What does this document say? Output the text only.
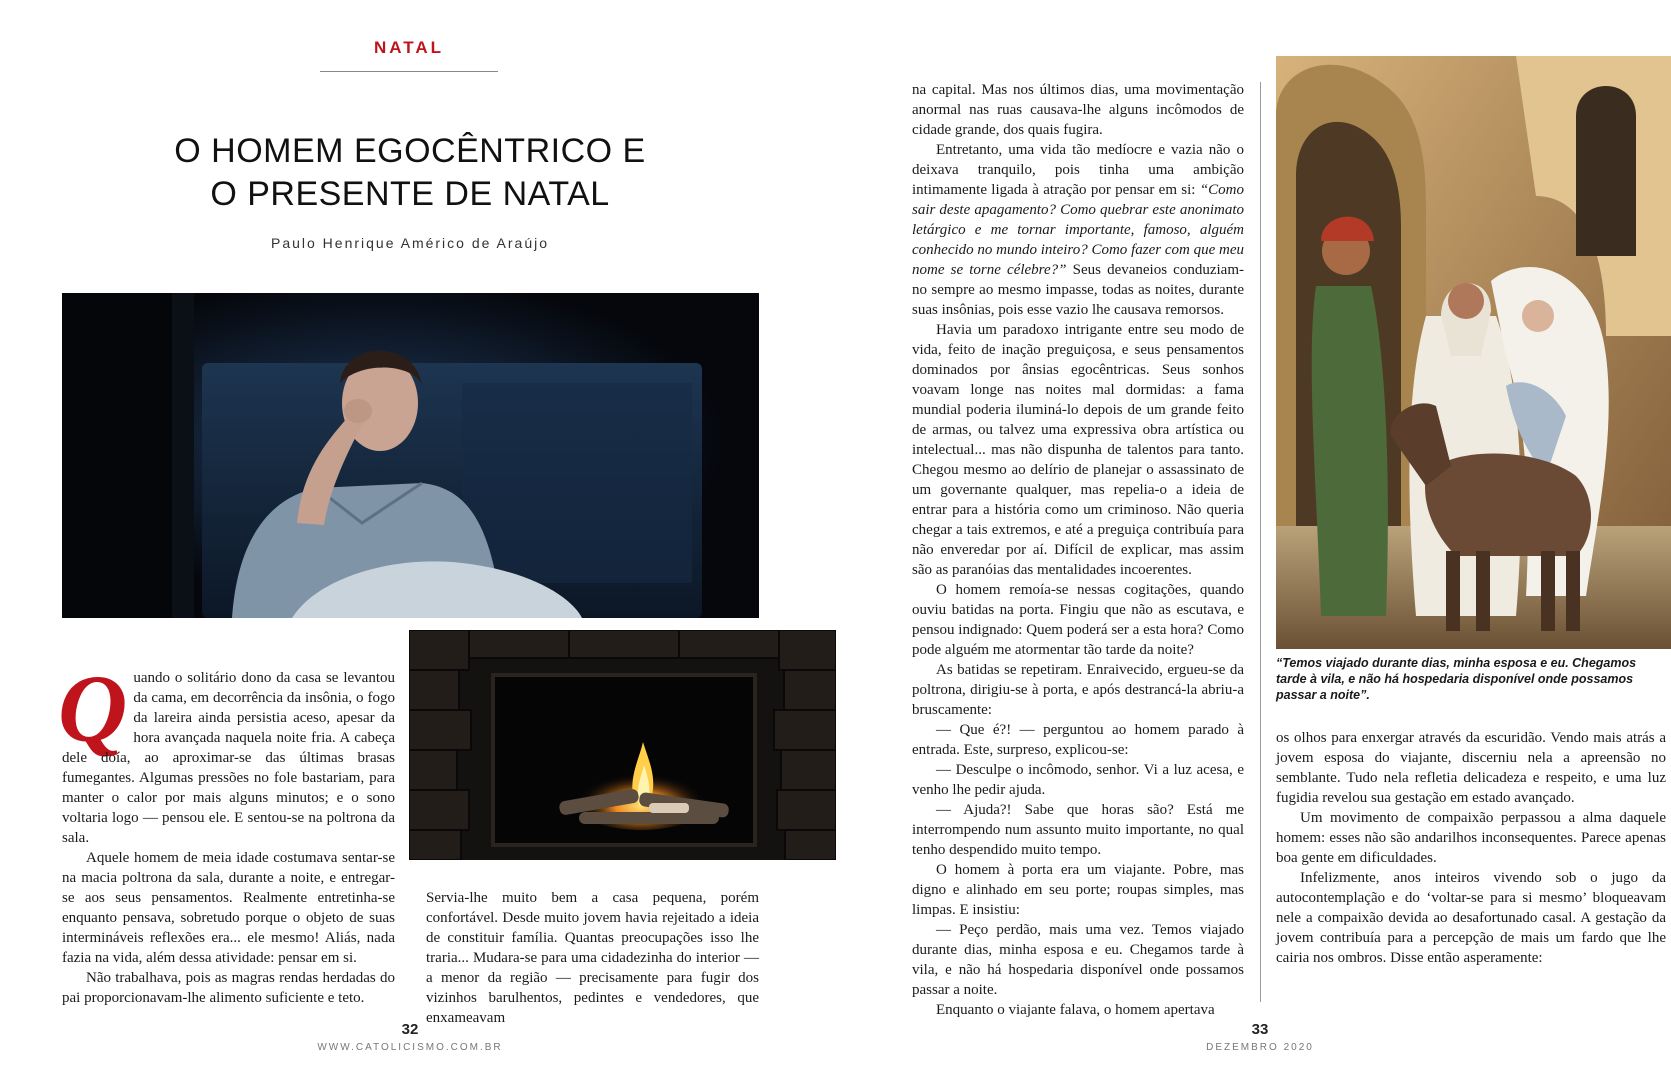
NATAL
O HOMEM EGOCÊNTRICO E
O PRESENTE DE NATAL
Paulo Henrique Américo de Araújo

Quando o solitário dono da casa se levantou da cama, em decorrência da insônia, o fogo da lareira ainda persistia aceso, apesar da hora avançada naquela noite fria. A cabeça dele doía, ao aproximar-se das últimas brasas fumegantes. Algumas pressões no fole bastariam, para manter o calor por mais alguns minutos; e o sono voltaria logo — pensou ele. E sentou-se na poltrona da sala.

Aquele homem de meia idade costumava sentar-se na macia poltrona da sala, durante a noite, e entregar-se aos seus pensamentos. Realmente entretinha-se enquanto pensava, sobretudo porque o objeto de suas intermináveis reflexões era... ele mesmo! Aliás, nada fazia na vida, além dessa atividade: pensar em si.

Não trabalhava, pois as magras rendas herdadas do pai proporcionavam-lhe alimento suficiente e teto.

Servia-lhe muito bem a casa pequena, porém confortável. Desde muito jovem havia rejeitado a ideia de constituir família. Quantas preocupações isso lhe traria... Mudara-se para uma cidadezinha do interior — a menor da região — precisamente para fugir dos vizinhos barulhentos, pedintes e vendedores, que enxameavam

32
WWW.CATOLICISMO.COM.BR

na capital. Mas nos últimos dias, uma movimentação anormal nas ruas causava-lhe alguns incômodos de cidade grande, dos quais fugira.

Entretanto, uma vida tão medíocre e vazia não o deixava tranquilo, pois tinha uma ambição intimamente ligada à atração por pensar em si: “Como sair deste apagamento? Como quebrar este anonimato letárgico e me tornar importante, famoso, alguém conhecido no mundo inteiro? Como fazer com que meu nome se torne célebre?” Seus devaneios conduziam-no sempre ao mesmo impasse, todas as noites, durante suas insônias, pois esse vazio lhe causava remorsos.

Havia um paradoxo intrigante entre seu modo de vida, feito de inação preguiçosa, e seus pensamentos dominados por ânsias egocêntricas. Seus sonhos voavam longe nas noites mal dormidas: a fama mundial poderia iluminá-lo depois de um grande feito de armas, ou talvez uma expressiva obra artística ou intelectual... mas não dispunha de talentos para tanto. Chegou mesmo ao delírio de planejar o assassinato de um governante qualquer, mas repelia-o a ideia de entrar para a história como um criminoso. Não queria chegar a tais extremos, e até a preguiça contribuía para não enveredar por aí. Difícil de explicar, mas assim são as paranóias das mentalidades incoerentes.

O homem remoía-se nessas cogitações, quando ouviu batidas na porta. Fingiu que não as escutava, e pensou indignado: Quem poderá ser a esta hora? Como pode alguém me atormentar tão tarde da noite?

As batidas se repetiram. Enraivecido, ergueu-se da poltrona, dirigiu-se à porta, e após destrancá-la abriu-a bruscamente:

— Que é?! — perguntou ao homem parado à entrada. Este, surpreso, explicou-se:

— Desculpe o incômodo, senhor. Vi a luz acesa, e venho lhe pedir ajuda.

— Ajuda?! Sabe que horas são? Está me interrompendo num assunto muito importante, no qual tenho despendido muito tempo.

O homem à porta era um viajante. Pobre, mas digno e alinhado em seu porte; roupas simples, mas limpas. E insistiu:

— Peço perdão, mais uma vez. Temos viajado durante dias, minha esposa e eu. Chegamos tarde à vila, e não há hospedaria disponível onde possamos passar a noite.

Enquanto o viajante falava, o homem apertava

“Temos viajado durante dias, minha esposa e eu. Chegamos tarde à vila, e não há hospedaria disponível onde possamos passar a noite”.

os olhos para enxergar através da escuridão. Vendo mais atrás a jovem esposa do viajante, discerniu nela a apreensão no semblante. Tudo nela refletia delicadeza e respeito, e uma luz fugidia revelou sua gestação em estado avançado.

Um movimento de compaixão perpassou a alma daquele homem: esses não são andarilhos inconsequentes. Parece apenas boa gente em dificuldades.

Infelizmente, anos inteiros vivendo sob o jugo da autocontemplação e do ‘voltar-se para si mesmo’ bloqueavam nele a compaixão devida ao desafortunado casal. A gestação da jovem contribuía para a percepção de mais um fardo que lhe cairia nos ombros. Disse então asperamente:

33
DEZEMBRO 2020
